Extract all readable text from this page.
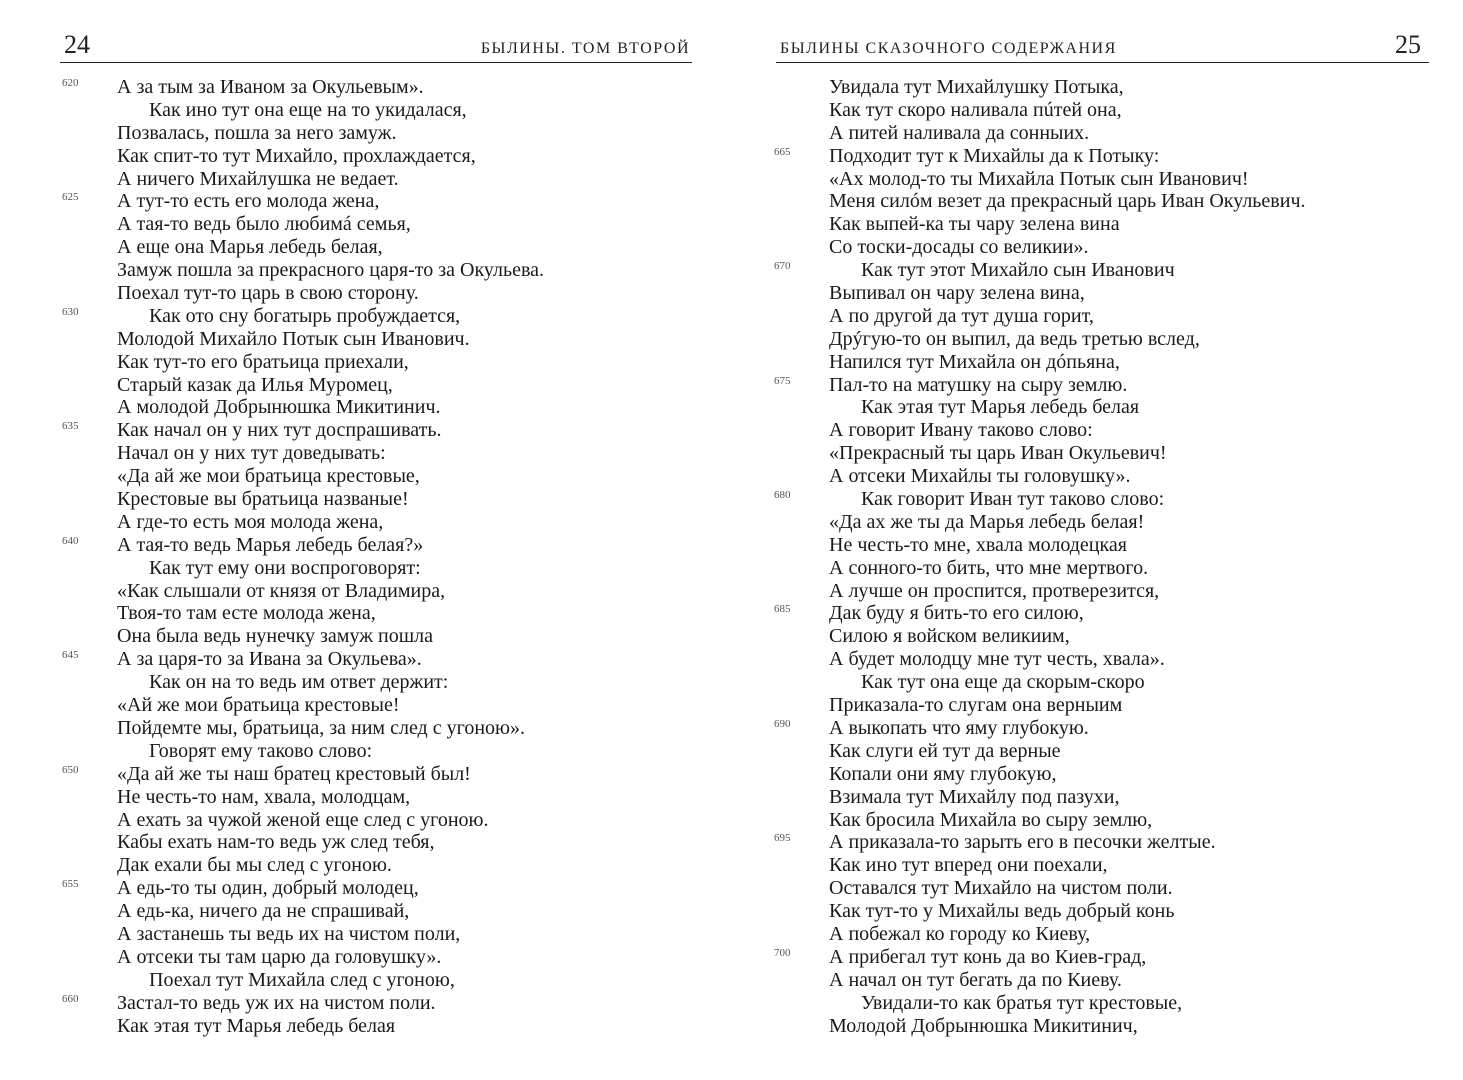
24	БЫЛИНЫ. ТОМ ВТОРОЙ
620	А за тым за Иваном за Окульевым».
Как ино тут она еще на то укидалася,
Позвалась, пошла за него замуж.
Как спит-то тут Михайло, прохлаждается,
А ничего Михайлушка не ведает.
625	А тут-то есть его молода жена,
А тая-то ведь было любимá семья,
А еще она Марья лебедь белая,
Замуж пошла за прекрасного царя-то за Окульева.
Поехал тут-то царь в свою сторону.
630	Как ото сну богатырь пробуждается,
Молодой Михайло Потык сын Иванович.
Как тут-то его братьица приехали,
Старый казак да Илья Муромец,
А молодой Добрынюшка Микитинич.
635	Как начал он у них тут доспрашивать.
Начал он у них тут доведывать:
«Да ай же мои братьица крестовые,
Крестовые вы братьица названые!
А где-то есть моя молода жена,
640	А тая-то ведь Марья лебедь белая?»
Как тут ему они воспроговорят:
«Как слышали от князя от Владимира,
Твоя-то там есте молода жена,
Она была ведь нунечку замуж пошла
645	А за царя-то за Ивана за Окульева».
Как он на то ведь им ответ держит:
«Ай же мои братьица крестовые!
Пойдемте мы, братьица, за ним след с угоною».
Говорят ему таково слово:
650	«Да ай же ты наш братец крестовый был!
Не честь-то нам, хвала, молодцам,
А ехать за чужой женой еще след с угоною.
Кабы ехать нам-то ведь уж след тебя,
Дак ехали бы мы след с угоною.
655	А едь-то ты один, добрый молодец,
А едь-ка, ничего да не спрашивай,
А застанешь ты ведь их на чистом поли,
А отсеки ты там царю да головушку».
Поехал тут Михайла след с угоною,
660	Застал-то ведь уж их на чистом поли.
Как этая тут Марья лебедь белая
БЫЛИНЫ СКАЗОЧНОГО СОДЕРЖАНИЯ	25
Увидала тут Михайлушку Потыка,
Как тут скоро наливала пúтей она,
А питей наливала да сонныих.
665	Подходит тут к Михайлы да к Потыку:
«Ах молод-то ты Михайла Потык сын Иванович!
Меня силóм везет да прекрасный царь Иван Окульевич.
Как выпей-ка ты чару зелена вина
Со тоски-досады со великии».
670	Как тут этот Михайло сын Иванович
Выпивал он чару зелена вина,
А по другой да тут душа горит,
Дрýгую-то он выпил, да ведь третью вслед,
Напился тут Михайла он дóпьяна,
675	Пал-то на матушку на сыру землю.
Как этая тут Марья лебедь белая
А говорит Ивану таково слово:
«Прекрасный ты царь Иван Окульевич!
А отсеки Михайлы ты головушку».
680	Как говорит Иван тут таково слово:
«Да ах же ты да Марья лебедь белая!
Не честь-то мне, хвала молодецкая
А сонного-то бить, что мне мертвого.
А лучше он проспится, протверезится,
685	Дак буду я бить-то его силою,
Силою я войском великиим,
А будет молодцу мне тут честь, хвала».
Как тут она еще да скорым-скоро
Приказала-то слугам она верныим
690	А выкопать что яму глубокую.
Как слуги ей тут да верные
Копали они яму глубокую,
Взимала тут Михайлу под пазухи,
Как бросила Михайла во сыру землю,
695	А приказала-то зарыть его в песочки желтые.
Как ино тут вперед они поехали,
Оставался тут Михайло на чистом поли.
Как тут-то у Михайлы ведь добрый конь
А побежал ко городу ко Киеву,
700	А прибегал тут конь да во Киев-град,
А начал он тут бегать да по Киеву.
Увидали-то как братья тут крестовые,
Молодой Добрынюшка Микитинич,
